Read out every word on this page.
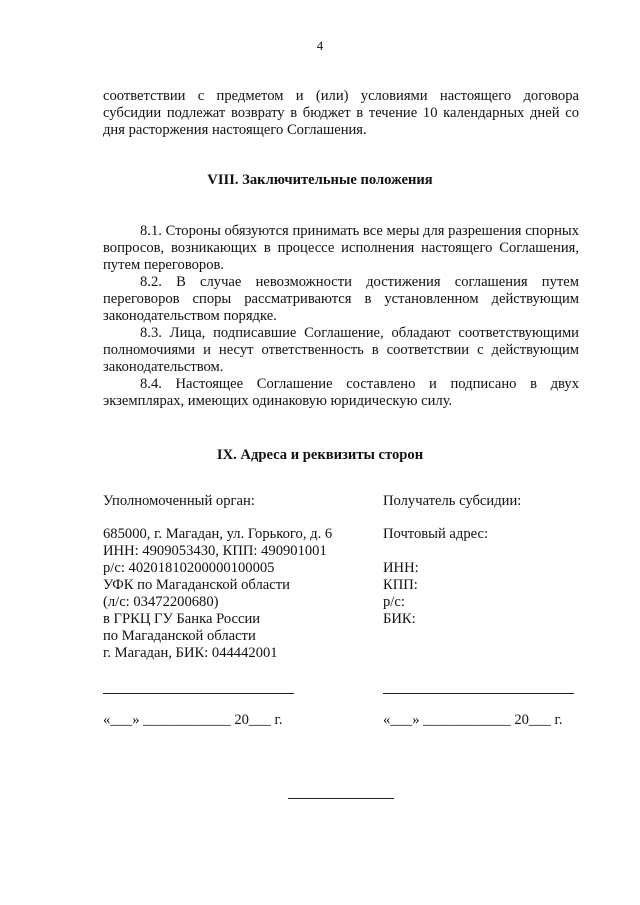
4

соответствии с предметом и (или) условиями настоящего договора субсидии подлежат возврату в бюджет в течение 10 календарных дней со дня расторжения настоящего Соглашения.

VIII. Заключительные положения

8.1. Стороны обязуются принимать все меры для разрешения спорных вопросов, возникающих в процессе исполнения настоящего Соглашения, путем переговоров.

8.2. В случае невозможности достижения соглашения путем переговоров споры рассматриваются в установленном действующим законодательством порядке.

8.3. Лица, подписавшие Соглашение, обладают соответствующими полномочиями и несут ответственность в соответствии с действующим законодательством.

8.4. Настоящее Соглашение составлено и подписано в двух экземплярах, имеющих одинаковую юридическую силу.

IX. Адреса и реквизиты сторон
Уполномоченный орган:	Получатель субсидии:
685000, г. Магадан, ул. Горького, д. 6
ИНН: 4909053430, КПП: 490901001
р/с: 40201810200000100005
УФК по Магаданской области
(л/с: 03472200680)
в ГРКЦ ГУ Банка России
по Магаданской области
г. Магадан, БИК: 044442001
Почтовый адрес:
ИНН:
КПП:
р/с:
БИК:
«___» ____________ 20___ г.	«___» ____________ 20___ г.
